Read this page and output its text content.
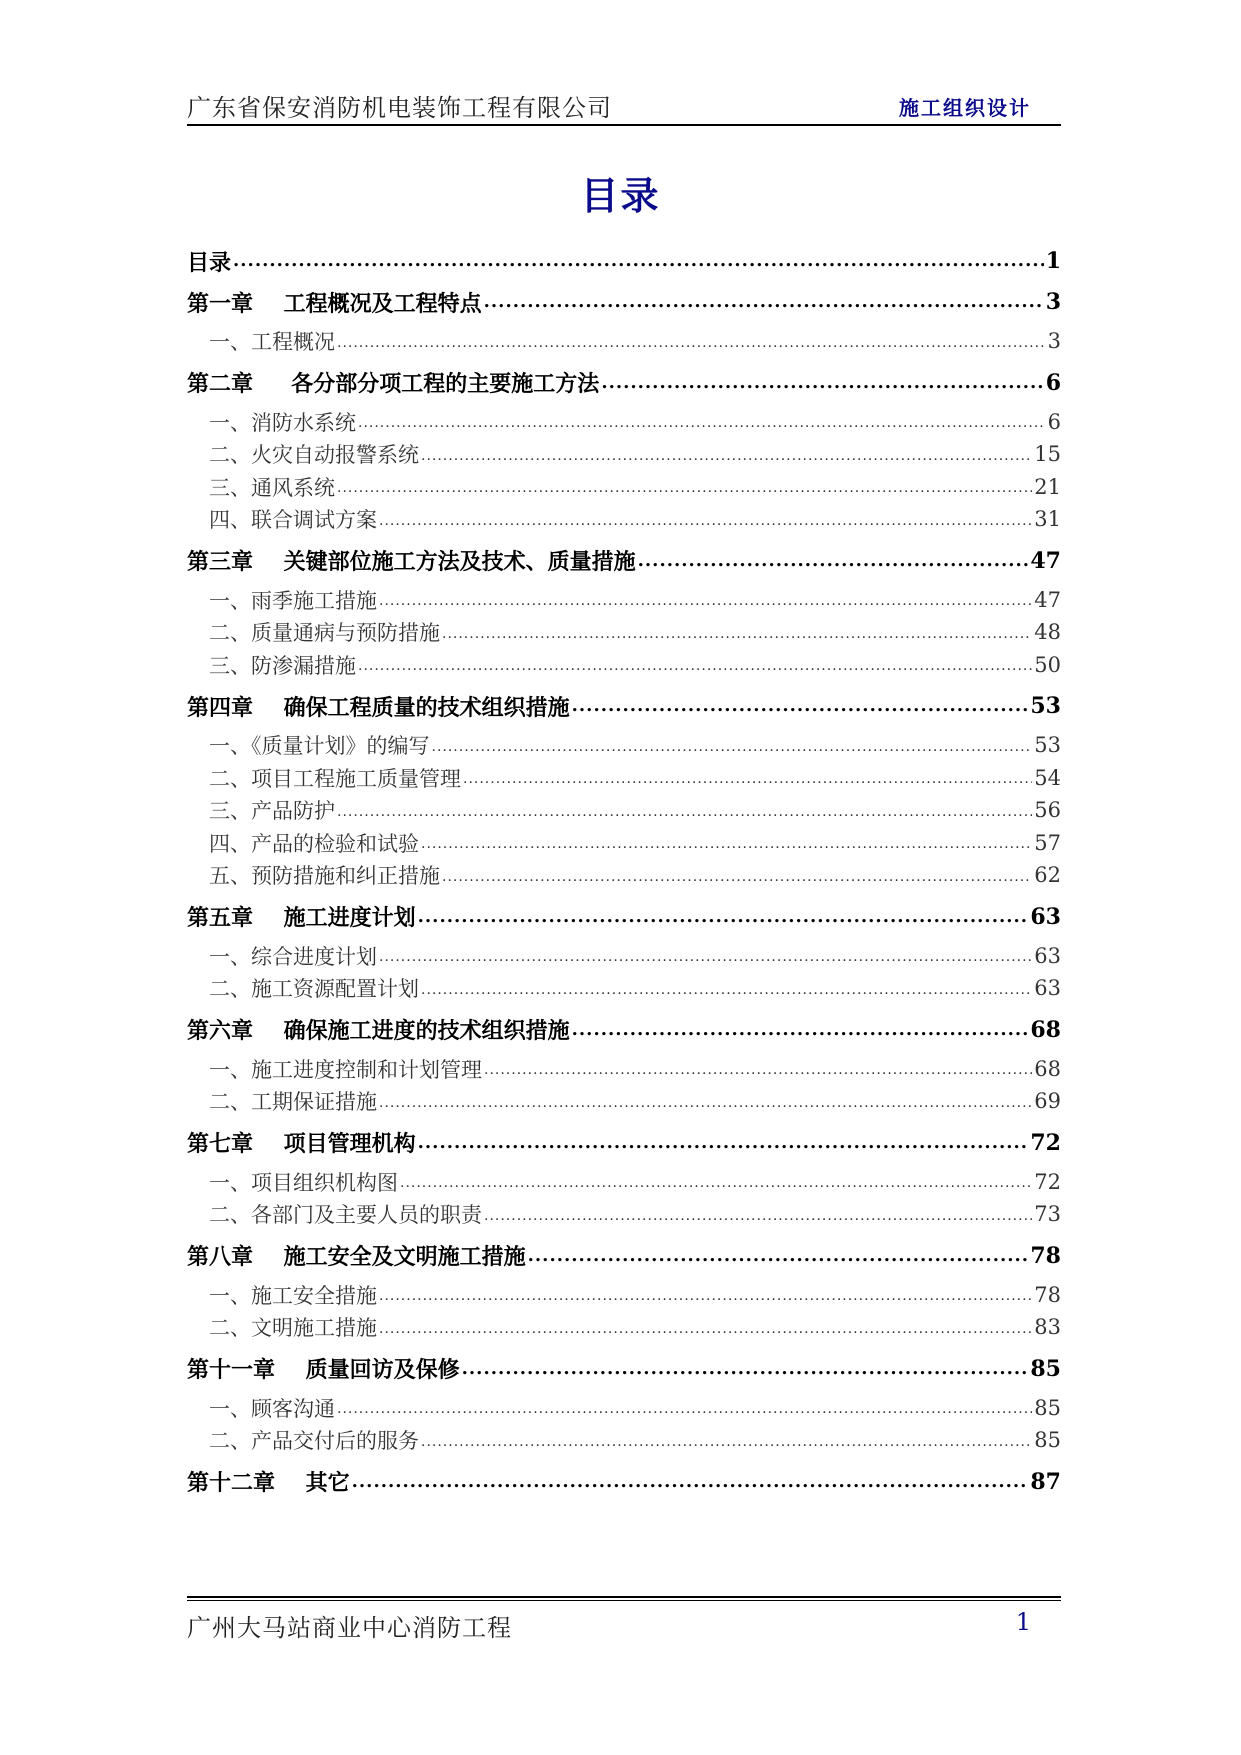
广东省保安消防机电装饰工程有限公司	施工组织设计
目录
目录 .....	1
第一章    工程概况及工程特点 .....	3
一、工程概况 .....	3
第二章     各分部分项工程的主要施工方法 .....	6
一、消防水系统 .....	6
二、火灾自动报警系统 .....	15
三、通风系统 .....	21
四、联合调试方案 .....	31
第三章    关键部位施工方法及技术、质量措施 .....	47
一、雨季施工措施 .....	47
二、质量通病与预防措施 .....	48
三、防渗漏措施 .....	50
第四章    确保工程质量的技术组织措施 .....	53
一、《质量计划》的编写 .....	53
二、项目工程施工质量管理 .....	54
三、产品防护 .....	56
四、产品的检验和试验 .....	57
五、预防措施和纠正措施 .....	62
第五章    施工进度计划 .....	63
一、综合进度计划 .....	63
二、施工资源配置计划 .....	63
第六章    确保施工进度的技术组织措施 .....	68
一、施工进度控制和计划管理 .....	68
二、工期保证措施 .....	69
第七章    项目管理机构 .....	72
一、项目组织机构图 .....	72
二、各部门及主要人员的职责 .....	73
第八章    施工安全及文明施工措施 .....	78
一、施工安全措施 .....	78
二、文明施工措施 .....	83
第十一章    质量回访及保修 .....	85
一、顾客沟通 .....	85
二、产品交付后的服务 .....	85
第十二章    其它 .....	87
广州大马站商业中心消防工程	1
